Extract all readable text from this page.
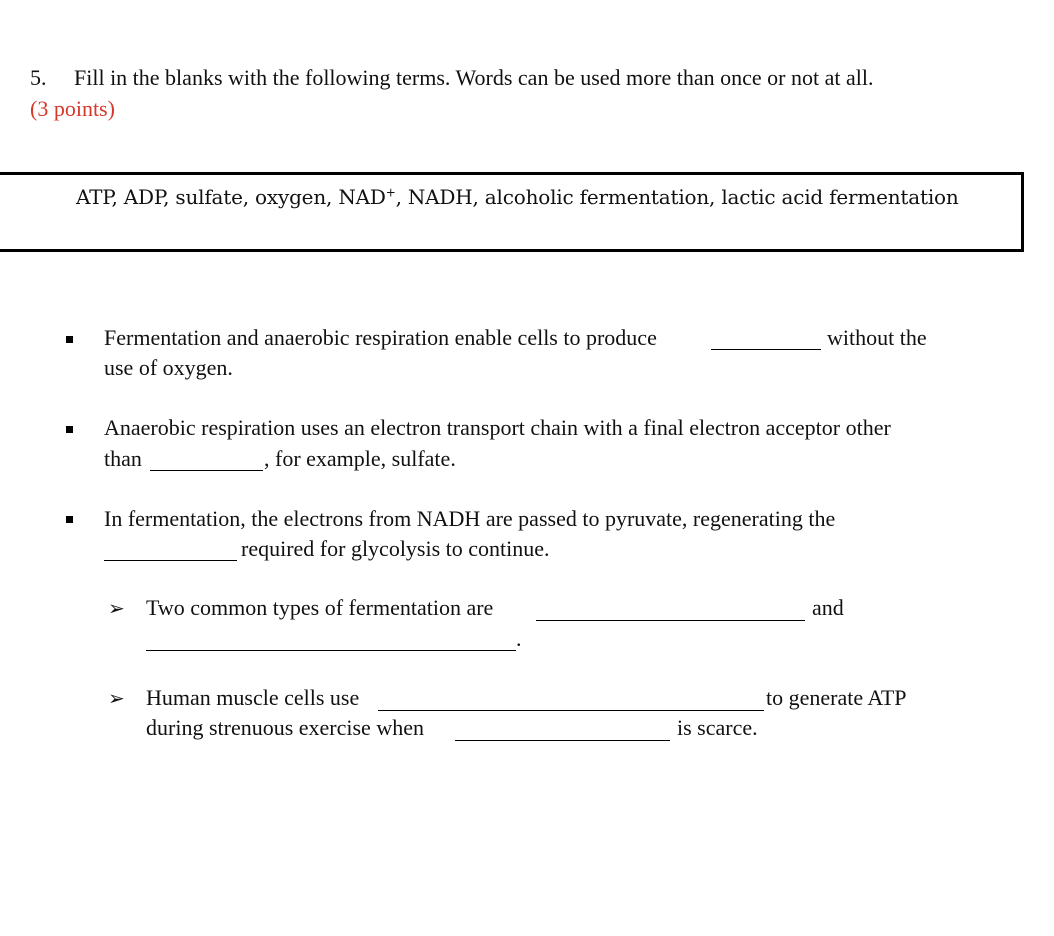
5. Fill in the blanks with the following terms. Words can be used more than once or not at all.
(3 points)
ATP, ADP, sulfate, oxygen, NAD+, NADH, alcoholic fermentation, lactic acid fermentation
Fermentation and anaerobic respiration enable cells to produce	without the
use of oxygen.
Anaerobic respiration uses an electron transport chain with a final electron acceptor other
than	, for example, sulfate.
In fermentation, the electrons from NADH are passed to pyruvate, regenerating the
required for glycolysis to continue.
➢ Two common types of fermentation are	and
.
➢ Human muscle cells use	to generate ATP
during strenuous exercise when	is scarce.
